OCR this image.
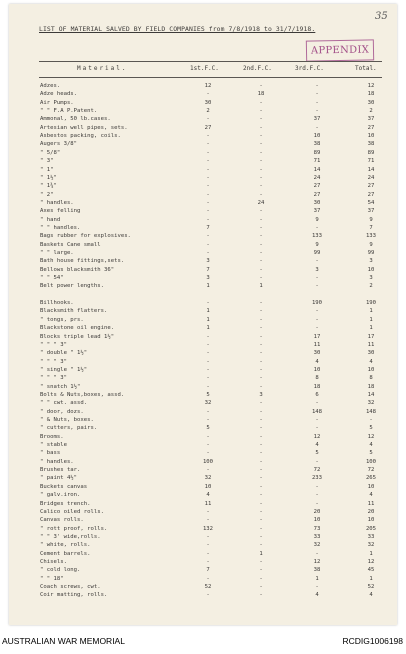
35
LIST OF MATERIAL SALVED BY FIELD COMPANIES from 7/8/1918 to 31/7/1918.
APPENDIX
Material.	1st.F.C.	2nd.F.C.	3rd.F.C.	Total.
Adzes.	12	-	-	12
Adze heads.	-	18	-	18
Air Pumps.	30	-	-	30
" " F.A P.Patent.	2	-	-	2
Ammonal, 50 lb.cases.	-	-	37	37
Artesian well pipes, sets.	27	-	-	27
Asbestos packing, coils.	-	-	10	10
Augers 3/8"	-	-	38	38
" 5/8"	-	-	89	89
" 3"	-	-	71	71
" 1"	-	-	14	14
" 1½"	-	-	24	24
" 1¾"	-	-	27	27
" 2"	-	-	27	27
" handles.	-	24	30	54
Axes felling	-	-	37	37
" hand	-	-	9	9
" " handles.	7	-	-	7
Bags rubber for explosives.	-	-	133	133
Baskets Cane small	-	-	9	9
" " large.	-	-	99	99
Bath house fittings,sets.	3	-	-	3
Bellows blacksmith 36"	7	-	3	10
" " 54"	3	-	-	3
Belt power lengths.	1	1	-	2
Billhooks.	-	-	190	190
Blacksmith flatters.	1	-	-	1
" tongs, prs.	1	-	-	1
Blackstone oil engine.	1	-	-	1
Blocks triple lead 1½"	-	-	17	17
" " " 3"	-	-	11	11
" double " 1½"	-	-	30	30
" " " 3"	-	-	4	4
" single " 1½"	-	-	10	10
" " " 3"	-	-	8	8
" snatch 1½"	-	-	18	18
Bolts & Nuts,boxes, assd.	5	3	6	14
" " cwt. assd.	32	-	-	32
" door, dozs.	-	-	148	148
" & Nuts, boxes.	-	-	-	-
" cutters, pairs.	5	-	-	5
Brooms.	-	-	12	12
" stable	-	-	4	4
" bass	-	-	5	5
" handles.	100	-	-	100
Brushes tar.	-	-	72	72
" paint 4½"	32	-	233	265
Buckets canvas	10	-	-	10
" galv.iron.	4	-	-	4
Bridges trench.	11	-	-	11
Calico oiled rolls.	-	-	20	20
Canvas rolls.	-	-	10	10
" rott proof, rolls.	132	-	73	205
" " 3' wide,rolls.	-	-	33	33
" white, rolls.	-	-	32	32
Cement barrels.	-	1	-	1
Chisels.	-	-	12	12
" cold long.	7	-	38	45
" " 18"	-	-	1	1
Coach screws, cwt.	52	-	-	52
Coir matting, rolls.	-	-	4	4
AUSTRALIAN WAR MEMORIAL	RCDIG1006198
